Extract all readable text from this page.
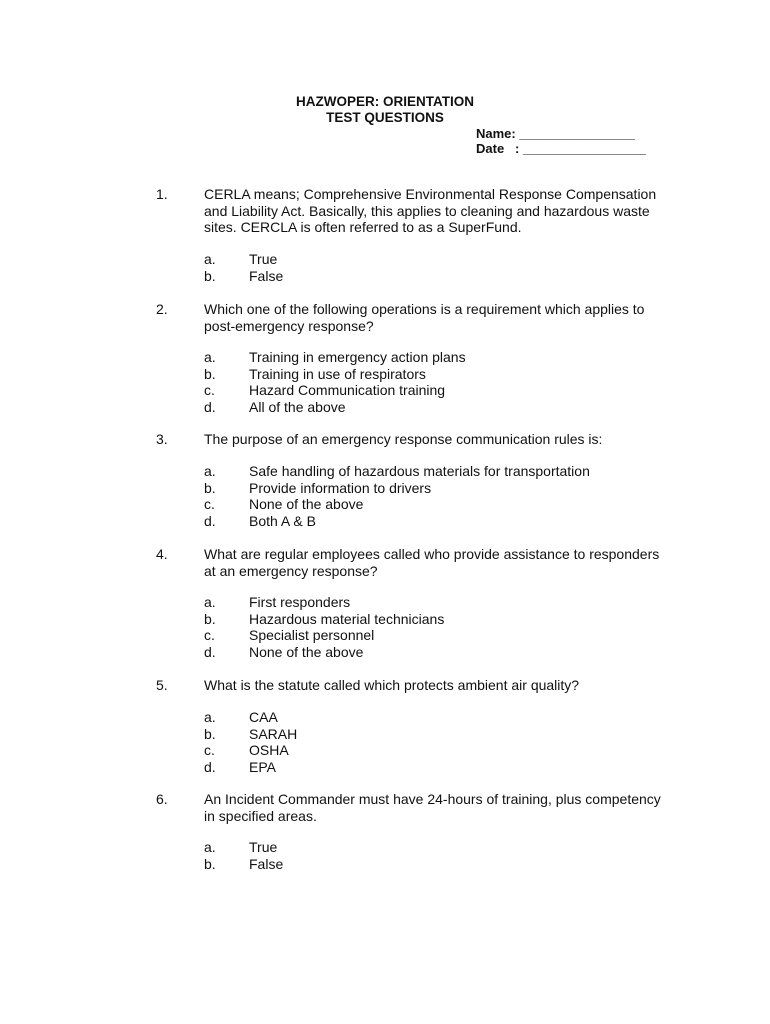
HAZWOPER: ORIENTATION
TEST QUESTIONS
Name: ________________
Date   : _________________
1.	CERLA means; Comprehensive Environmental Response Compensation and Liability Act. Basically, this applies to cleaning and hazardous waste sites. CERCLA is often referred to as a SuperFund.
a. True
b. False
2.	Which one of the following operations is a requirement which applies to post-emergency response?
a. Training in emergency action plans
b. Training in use of respirators
c. Hazard Communication training
d. All of the above
3.	The purpose of an emergency response communication rules is:
a. Safe handling of hazardous materials for transportation
b. Provide information to drivers
c. None of the above
d. Both A & B
4.	What are regular employees called who provide assistance to responders at an emergency response?
a. First responders
b. Hazardous material technicians
c. Specialist personnel
d. None of the above
5.	What is the statute called which protects ambient air quality?
a. CAA
b. SARAH
c. OSHA
d. EPA
6.	An Incident Commander must have 24-hours of training, plus competency in specified areas.
a. True
b. False
